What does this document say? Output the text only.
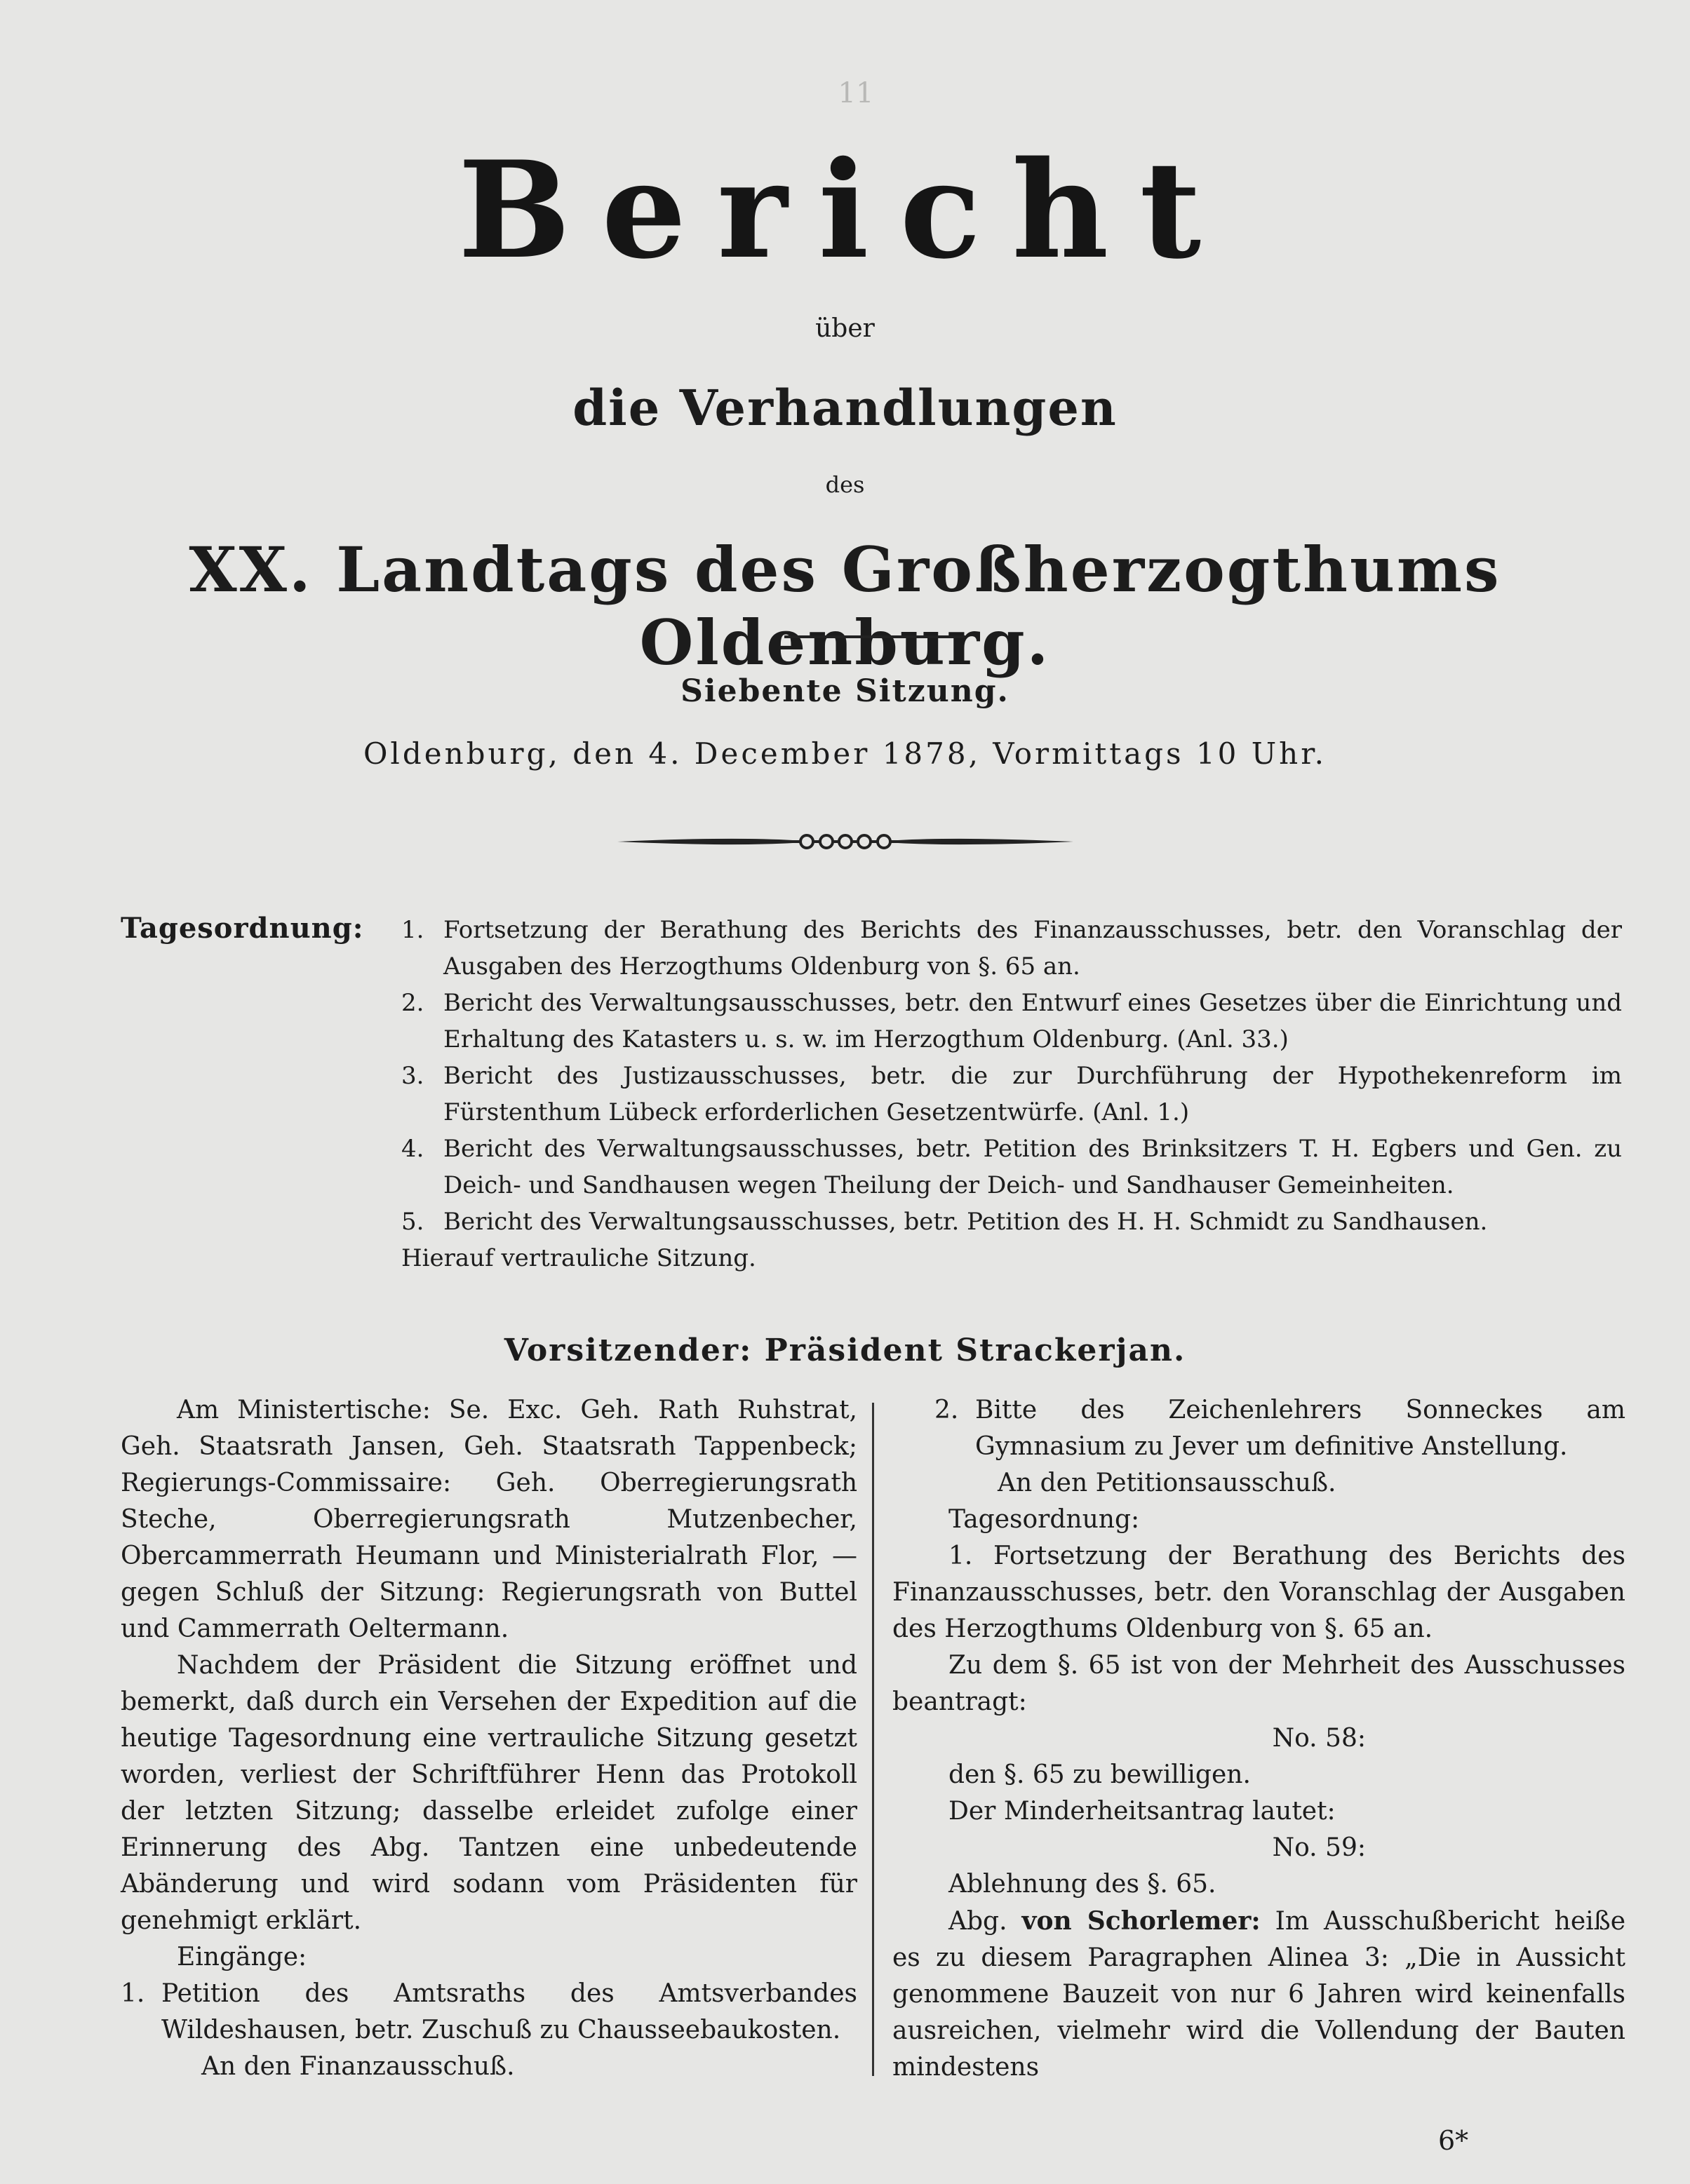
11
Bericht
über
die Verhandlungen
des
XX. Landtags des Großherzogthums Oldenburg.
Siebente Sitzung.
Oldenburg, den 4. December 1878, Vormittags 10 Uhr.
Tagesordnung: 1. Fortsetzung der Berathung des Berichts des Finanzausschusses, betr. den Voranschlag der Ausgaben des Herzogthums Oldenburg von §. 65 an.
2. Bericht des Verwaltungsausschusses, betr. den Entwurf eines Gesetzes über die Einrichtung und Erhaltung des Katasters u. s. w. im Herzogthum Oldenburg. (Anl. 33.)
3. Bericht des Justizausschusses, betr. die zur Durchführung der Hypothekenreform im Fürstenthum Lübeck erforderlichen Gesetzentwürfe. (Anl. 1.)
4. Bericht des Verwaltungsausschusses, betr. Petition des Brinksitzers T. H. Egbers und Gen. zu Deich- und Sandhausen wegen Theilung der Deich- und Sandhauser Gemeinheiten.
5. Bericht des Verwaltungsausschusses, betr. Petition des H. H. Schmidt zu Sandhausen.
Hierauf vertrauliche Sitzung.
Vorsitzender: Präsident Strackerjan.

Am Ministertische: Se. Exc. Geh. Rath Ruhstrat, Geh. Staatsrath Jansen, Geh. Staatsrath Tappenbeck; Regierungs-Commissaire: Geh. Oberregierungsrath Steche, Oberregierungsrath Mutzenbecher, Obercammerrath Heumann und Ministerialrath Flor, — gegen Schluß der Sitzung: Regierungsrath von Buttel und Cammerrath Oeltermann.

Nachdem der Präsident die Sitzung eröffnet und bemerkt, daß durch ein Versehen der Expedition auf die heutige Tagesordnung eine vertrauliche Sitzung gesetzt worden, verliest der Schriftführer Henn das Protokoll der letzten Sitzung; dasselbe erleidet zufolge einer Erinnerung des Abg. Tantzen eine unbedeutende Abänderung und wird sodann vom Präsidenten für genehmigt erklärt.

Eingänge:

1. Petition des Amtsraths des Amtsverbandes Wildeshausen, betr. Zuschuß zu Chausseebaukosten.

An den Finanzausschuß.

2. Bitte des Zeichenlehrers Sonneckes am Gymnasium zu Jever um definitive Anstellung.

An den Petitionsausschuß.

Tagesordnung:

1. Fortsetzung der Berathung des Berichts des Finanzausschusses, betr. den Voranschlag der Ausgaben des Herzogthums Oldenburg von §. 65 an.

Zu dem §. 65 ist von der Mehrheit des Ausschusses beantragt:

No. 58:

den §. 65 zu bewilligen.

Der Minderheitsantrag lautet:

No. 59:

Ablehnung des §. 65.

Abg. von Schorlemer: Im Ausschußbericht heiße es zu diesem Paragraphen Alinea 3: „Die in Aussicht genommene Bauzeit von nur 6 Jahren wird keinenfalls ausreichen, vielmehr wird die Vollendung der Bauten mindestens

6*
